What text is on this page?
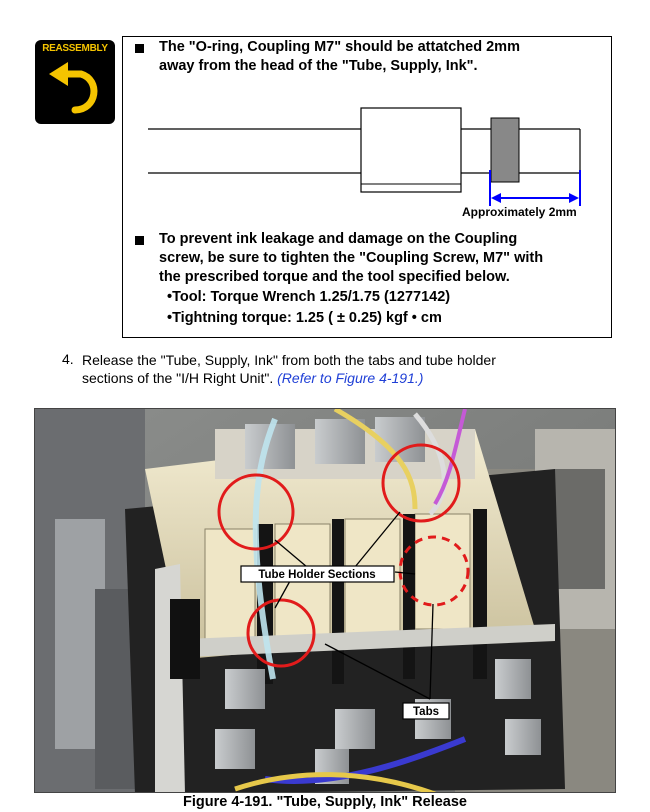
REASSEMBLY	The "O-ring, Coupling M7" should be attatched 2mm
away from the head of the "Tube, Supply, Ink".
To prevent ink leakage and damage on the Coupling
screw, be sure to tighten the "Coupling Screw, M7" with
the prescribed torque and the tool specified below.
•Tool: Torque Wrench 1.25/1.75 (1277142)
•Tightning torque: 1.25 ( ± 0.25) kgf • cm
Approximately 2mm
4. Release the "Tube, Supply, Ink" from both the tabs and tube holder
sections of the "I/H Right Unit". (Refer to Figure 4-191.)
Tube Holder Sections
Tabs
Figure 4-191. "Tube, Supply, Ink" Release
